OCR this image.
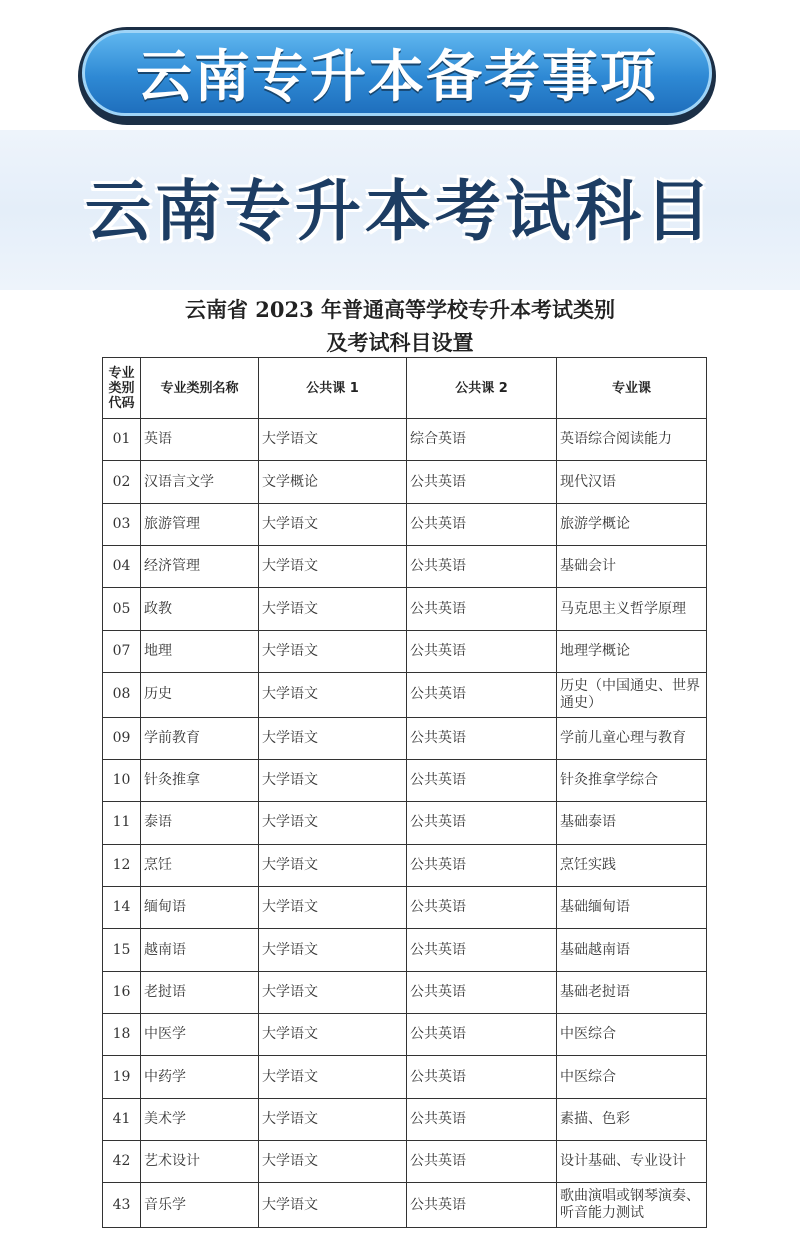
云南专升本备考事项
云南专升本考试科目
云南省 2023 年普通高等学校专升本考试类别
及考试科目设置
专业类别代码	专业类别名称	公共课 1	公共课 2	专业课
01	英语	大学语文	综合英语	英语综合阅读能力
02	汉语言文学	文学概论	公共英语	现代汉语
03	旅游管理	大学语文	公共英语	旅游学概论
04	经济管理	大学语文	公共英语	基础会计
05	政教	大学语文	公共英语	马克思主义哲学原理
07	地理	大学语文	公共英语	地理学概论
08	历史	大学语文	公共英语	历史（中国通史、世界通史）
09	学前教育	大学语文	公共英语	学前儿童心理与教育
10	针灸推拿	大学语文	公共英语	针灸推拿学综合
11	泰语	大学语文	公共英语	基础泰语
12	烹饪	大学语文	公共英语	烹饪实践
14	缅甸语	大学语文	公共英语	基础缅甸语
15	越南语	大学语文	公共英语	基础越南语
16	老挝语	大学语文	公共英语	基础老挝语
18	中医学	大学语文	公共英语	中医综合
19	中药学	大学语文	公共英语	中医综合
41	美术学	大学语文	公共英语	素描、色彩
42	艺术设计	大学语文	公共英语	设计基础、专业设计
43	音乐学	大学语文	公共英语	歌曲演唱或钢琴演奏、听音能力测试
